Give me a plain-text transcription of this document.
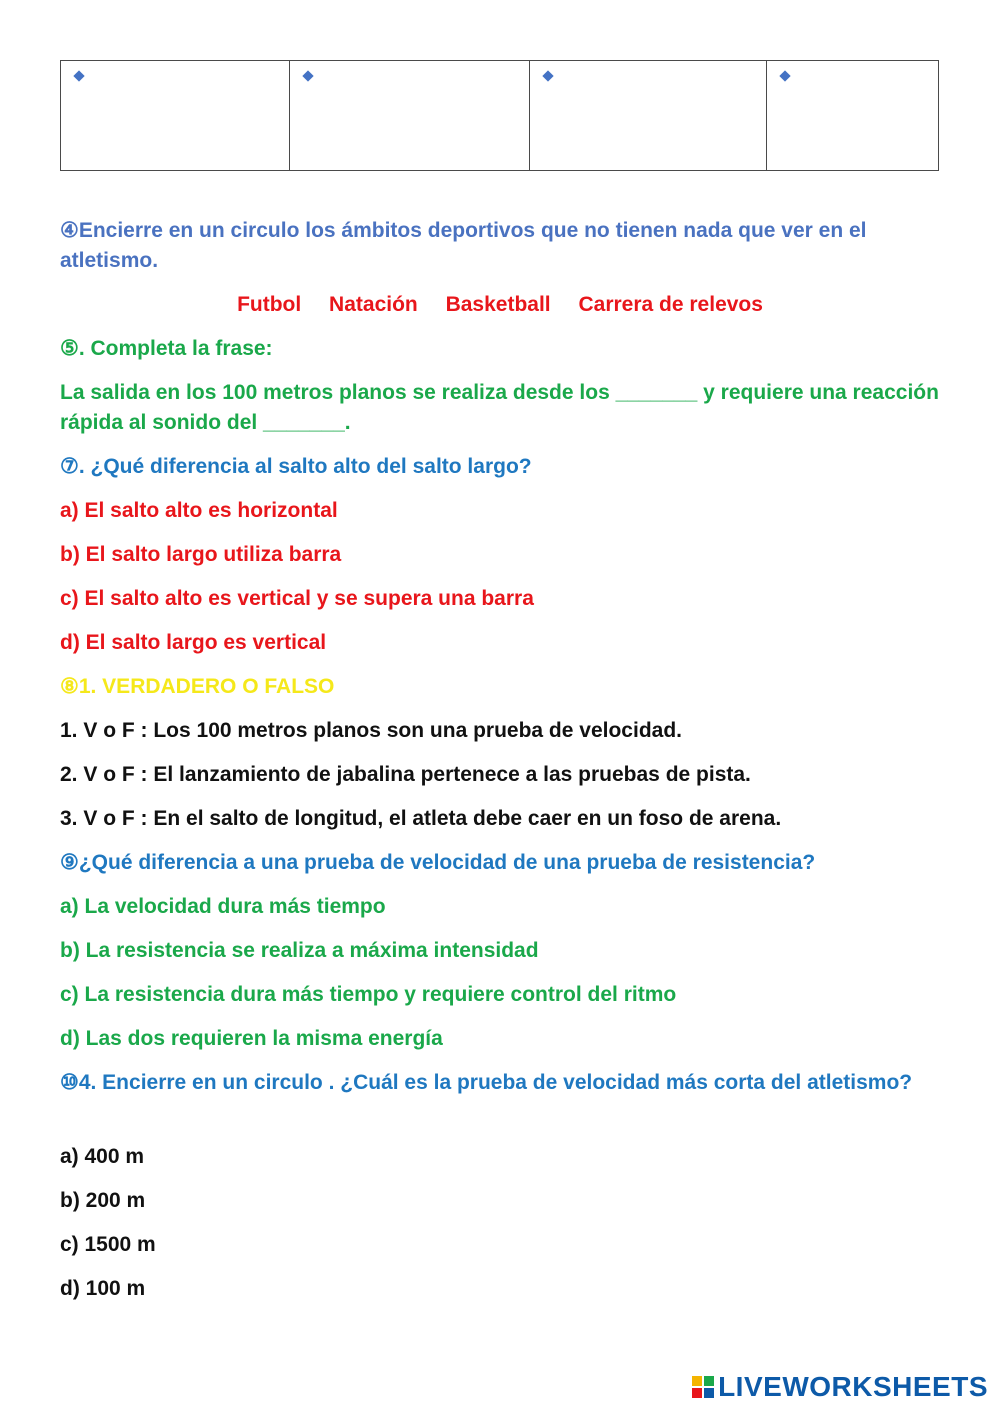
④Encierre en un circulo los ámbitos deportivos que no tienen nada que ver en el atletismo.
Futbol Natación Basketball Carrera de relevos
⑤. Completa la frase:
La salida en los 100 metros planos se realiza desde los _______ y requiere una reacción rápida al sonido del _______.
⑦. ¿Qué diferencia al salto alto del salto largo?
a) El salto alto es horizontal
b) El salto largo utiliza barra
c) El salto alto es vertical y se supera una barra
d) El salto largo es vertical
⑧1. VERDADERO O FALSO
1. V o F : Los 100 metros planos son una prueba de velocidad.
2. V o F : El lanzamiento de jabalina pertenece a las pruebas de pista.
3. V o F : En el salto de longitud, el atleta debe caer en un foso de arena.
⑨¿Qué diferencia a una prueba de velocidad de una prueba de resistencia?
a) La velocidad dura más tiempo
b) La resistencia se realiza a máxima intensidad
c) La resistencia dura más tiempo y requiere control del ritmo
d) Las dos requieren la misma energía
⑩4. Encierre en un circulo . ¿Cuál es la prueba de velocidad más corta del atletismo?
a) 400 m
b) 200 m
c) 1500 m
d) 100 m
LIVEWORKSHEETS
